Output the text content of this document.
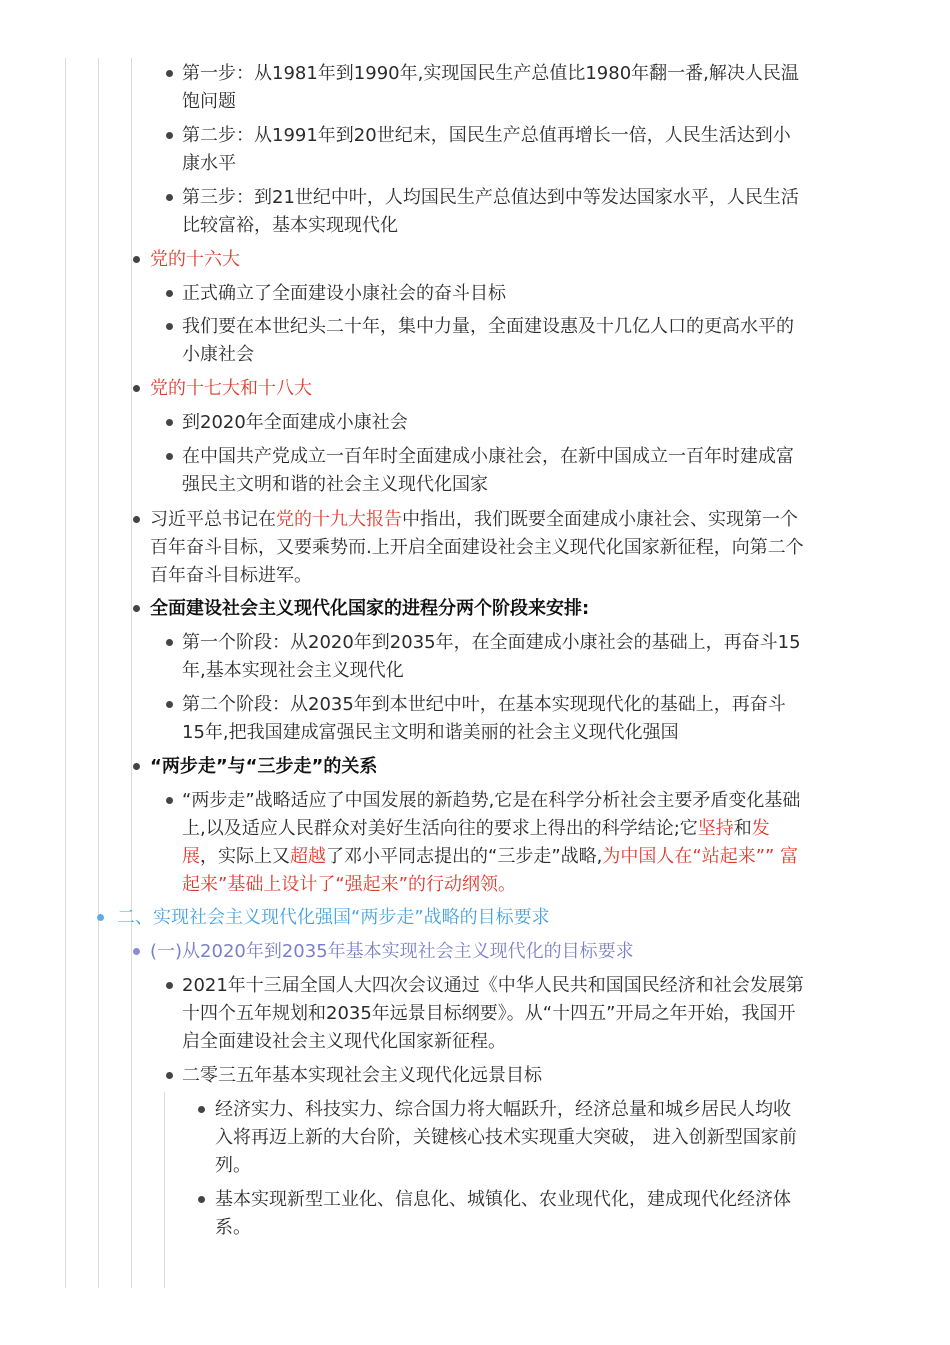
第一步：从1981年到1990年,实现国民生产总值比1980年翻一番,解决人民温饱问题
第二步：从1991年到20世纪末，国民生产总值再增长一倍，人民生活达到小康水平
第三步：到21世纪中叶，人均国民生产总值达到中等发达国家水平，人民生活比较富裕，基本实现现代化
党的十六大
正式确立了全面建设小康社会的奋斗目标
我们要在本世纪头二十年，集中力量，全面建设惠及十几亿人口的更高水平的小康社会
党的十七大和十八大
到2020年全面建成小康社会
在中国共产党成立一百年时全面建成小康社会，在新中国成立一百年时建成富强民主文明和谐的社会主义现代化国家
习近平总书记在党的十九大报告中指出，我们既要全面建成小康社会、实现第一个百年奋斗目标，又要乘势而.上开启全面建设社会主义现代化国家新征程，向第二个百年奋斗目标进军。
全面建设社会主义现代化国家的进程分两个阶段来安排:
第一个阶段：从2020年到2035年，在全面建成小康社会的基础上，再奋斗15年,基本实现社会主义现代化
第二个阶段：从2035年到本世纪中叶，在基本实现现代化的基础上，再奋斗15年,把我国建成富强民主文明和谐美丽的社会主义现代化强国
“两步走”与“三步走”的关系
“两步走”战略适应了中国发展的新趋势,它是在科学分析社会主要矛盾变化基础上,以及适应人民群众对美好生活向往的要求上得出的科学结论;它坚持和发展，实际上又超越了邓小平同志提出的“三步走”战略,为中国人在“站起来”” 富起来”基础上设计了“强起来”的行动纲领。
二、实现社会主义现代化强国“两步走”战略的目标要求
(一)从2020年到2035年基本实现社会主义现代化的目标要求
2021年十三届全国人大四次会议通过《中华人民共和国国民经济和社会发展第十四个五年规划和2035年远景目标纲要》。从“十四五”开局之年开始，我国开启全面建设社会主义现代化国家新征程。
二零三五年基本实现社会主义现代化远景目标
经济实力、科技实力、综合国力将大幅跃升，经济总量和城乡居民人均收入将再迈上新的大台阶，关键核心技术实现重大突破， 进入创新型国家前列。
基本实现新型工业化、信息化、城镇化、农业现代化，建成现代化经济体系。
